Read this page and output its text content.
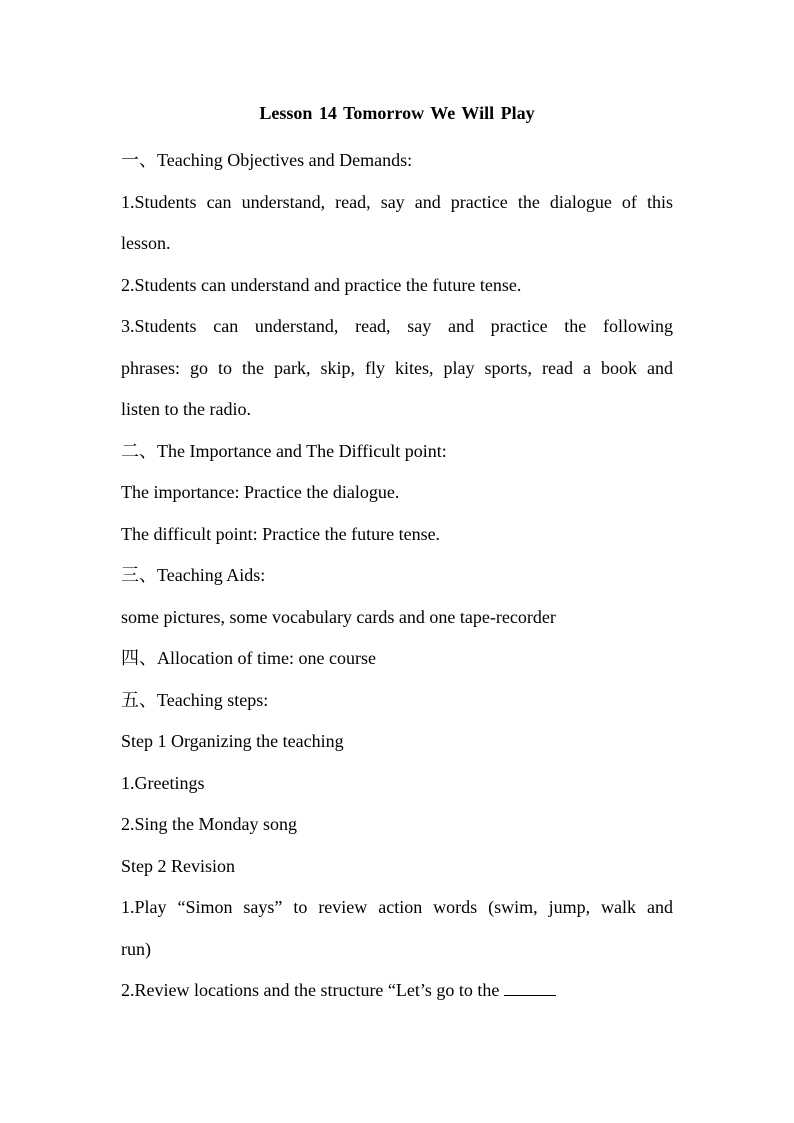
Lesson 14 Tomorrow We Will Play

一、Teaching Objectives and Demands:

1.Students can understand, read, say and practice the dialogue of this

lesson.

2.Students can understand and practice the future tense.

3.Students can understand, read, say and practice the following

phrases: go to the park, skip, fly kites, play sports, read a book and

listen to the radio.

二、The Importance and The Difficult point:

The importance: Practice the dialogue.

The difficult point: Practice the future tense.

三、Teaching Aids:

some pictures, some vocabulary cards and one tape-recorder

四、Allocation of time: one course

五、Teaching steps:

Step 1 Organizing the teaching

1.Greetings

2.Sing the Monday song

Step 2 Revision

1.Play “Simon says” to review action words (swim, jump, walk and

run)

2.Review locations and the structure “Let’s go to the
